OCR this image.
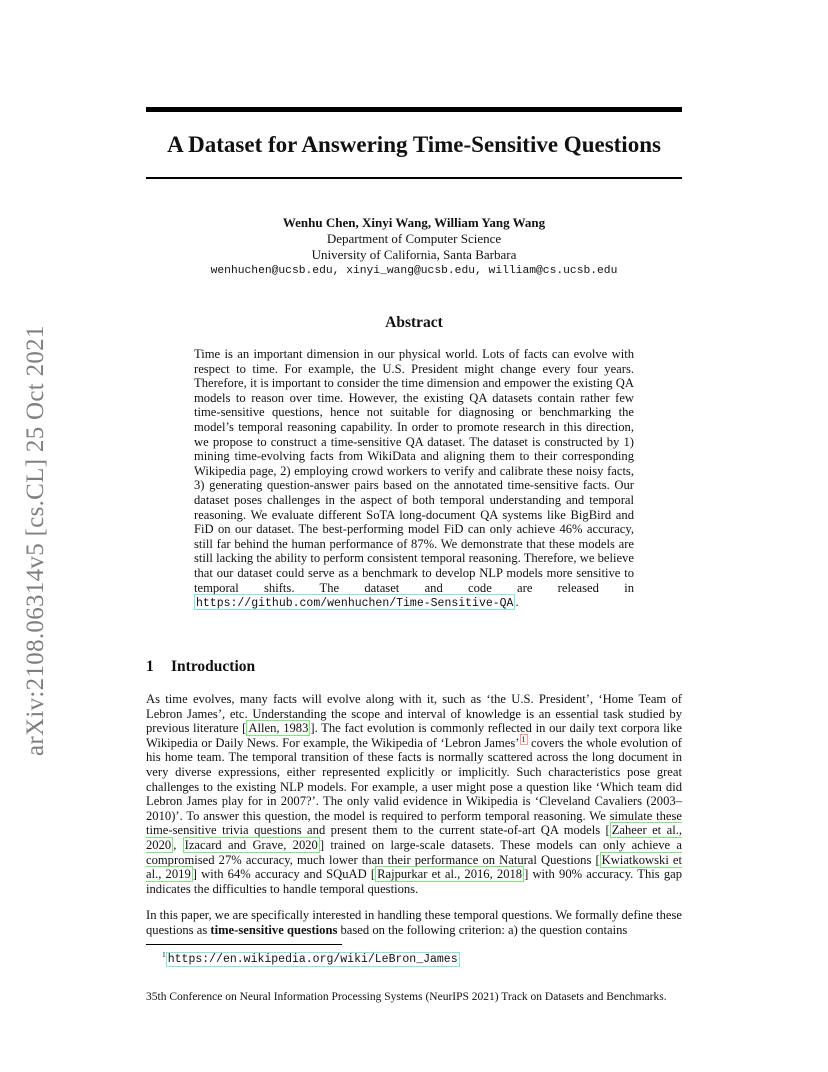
arXiv:2108.06314v5 [cs.CL] 25 Oct 2021
A Dataset for Answering Time-Sensitive Questions
Wenhu Chen, Xinyi Wang, William Yang Wang
Department of Computer Science
University of California, Santa Barbara
wenhuchen@ucsb.edu, xinyi_wang@ucsb.edu, william@cs.ucsb.edu
Abstract

Time is an important dimension in our physical world. Lots of facts can evolve with respect to time. For example, the U.S. President might change every four years. Therefore, it is important to consider the time dimension and empower the existing QA models to reason over time. However, the existing QA datasets contain rather few time-sensitive questions, hence not suitable for diagnosing or benchmarking the model’s temporal reasoning capability. In order to promote research in this direction, we propose to construct a time-sensitive QA dataset. The dataset is constructed by 1) mining time-evolving facts from WikiData and aligning them to their corresponding Wikipedia page, 2) employing crowd workers to verify and calibrate these noisy facts, 3) generating question-answer pairs based on the annotated time-sensitive facts. Our dataset poses challenges in the aspect of both temporal understanding and temporal reasoning. We evaluate different SoTA long-document QA systems like BigBird and FiD on our dataset. The best-performing model FiD can only achieve 46% accuracy, still far behind the human performance of 87%. We demonstrate that these models are still lacking the ability to perform consistent temporal reasoning. Therefore, we believe that our dataset could serve as a benchmark to develop NLP models more sensitive to temporal shifts. The dataset and code are released in https://github.com/wenhuchen/Time-Sensitive-QA .

1 Introduction

As time evolves, many facts will evolve along with it, such as ‘the U.S. President’, ‘Home Team of Lebron James’, etc. Understanding the scope and interval of knowledge is an essential task studied by previous literature [ Allen, 1983 ]. The fact evolution is commonly reflected in our daily text corpora like Wikipedia or Daily News. For example, the Wikipedia of ‘Lebron James’ $^1$ covers the whole evolution of his home team. The temporal transition of these facts is normally scattered across the long document in very diverse expressions, either represented explicitly or implicitly. Such characteristics pose great challenges to the existing NLP models. For example, a user might pose a question like ‘Which team did Lebron James play for in 2007?’. The only valid evidence in Wikipedia is ‘Cleveland Cavaliers (2003–2010)’. To answer this question, the model is required to perform temporal reasoning. We simulate these time-sensitive trivia questions and present them to the current state-of-art QA models [ Zaheer et al., 2020 , Izacard and Grave, 2020 ] trained on large-scale datasets. These models can only achieve a compromised 27% accuracy, much lower than their performance on Natural Questions [ Kwiatkowski et al., 2019 ] with 64% accuracy and SQuAD [ Rajpurkar et al., 2016, 2018 ] with 90% accuracy. This gap indicates the difficulties to handle temporal questions.

In this paper, we are specifically interested in handling these temporal questions. We formally define these questions as time-sensitive questions based on the following criterion: a) the question contains

$^1$ https://en.wikipedia.org/wiki/LeBron_James
35th Conference on Neural Information Processing Systems (NeurIPS 2021) Track on Datasets and Benchmarks.
